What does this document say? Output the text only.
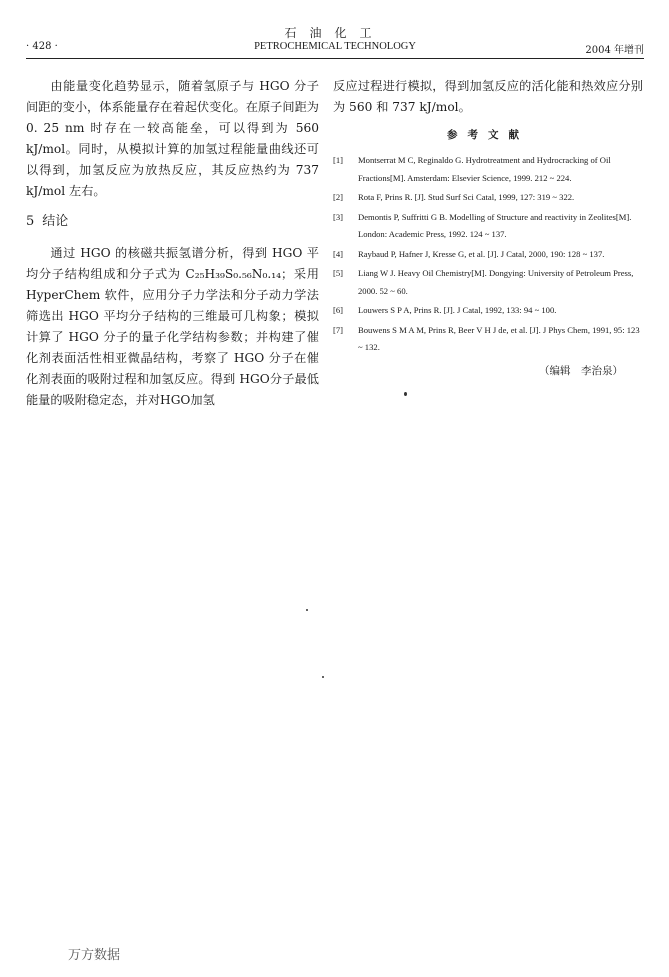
石油化工
PETROCHEMICAL TECHNOLOGY
· 428 ·	2004 年增刊

由能量变化趋势显示，随着氢原子与 HGO 分子间距的变小，体系能量存在着起伏变化。在原子间距为 0. 25 nm 时存在一较高能垒，可以得到为 560 kJ/mol。同时，从模拟计算的加氢过程能量曲线还可以得到，加氢反应为放热反应，其反应热约为 737 kJ/mol 左右。

5 结论

通过 HGO 的核磁共振氢谱分析，得到 HGO 平均分子结构组成和分子式为 C₂₅H₃₉S₀.₅₆N₀.₁₄；采用 HyperChem 软件，应用分子力学法和分子动力学法筛选出 HGO 平均分子结构的三维最可几构象；模拟计算了 HGO 分子的量子化学结构参数；并构建了催化剂表面活性相亚微晶结构，考察了 HGO 分子在催化剂表面的吸附过程和加氢反应。得到 HGO分子最低能量的吸附稳定态，并对HGO加氢

反应过程进行模拟，得到加氢反应的活化能和热效应分别为 560 和 737 kJ/mol。

参考文献
[1]	Montserrat M C, Reginaldo G. Hydrotreatment and Hydrocracking of Oil Fractions[M]. Amsterdam: Elsevier Science, 1999. 212 ~ 224.
[2]	Rota F, Prins R. [J]. Stud Surf Sci Catal, 1999, 127: 319 ~ 322.
[3]	Demontis P, Suffritti G B. Modelling of Structure and reactivity in Zeolites[M]. London: Academic Press, 1992. 124 ~ 137.
[4]	Raybaud P, Hafner J, Kresse G, et al. [J]. J Catal, 2000, 190: 128 ~ 137.
[5]	Liang W J. Heavy Oil Chemistry[M]. Dongying: University of Petroleum Press, 2000. 52 ~ 60.
[6]	Louwers S P A, Prins R. [J]. J Catal, 1992, 133: 94 ~ 100.
[7]	Bouwens S M A M, Prins R, Beer V H J de, et al. [J]. J Phys Chem, 1991, 95: 123 ~ 132.
（编辑　李治泉）
万方数据
